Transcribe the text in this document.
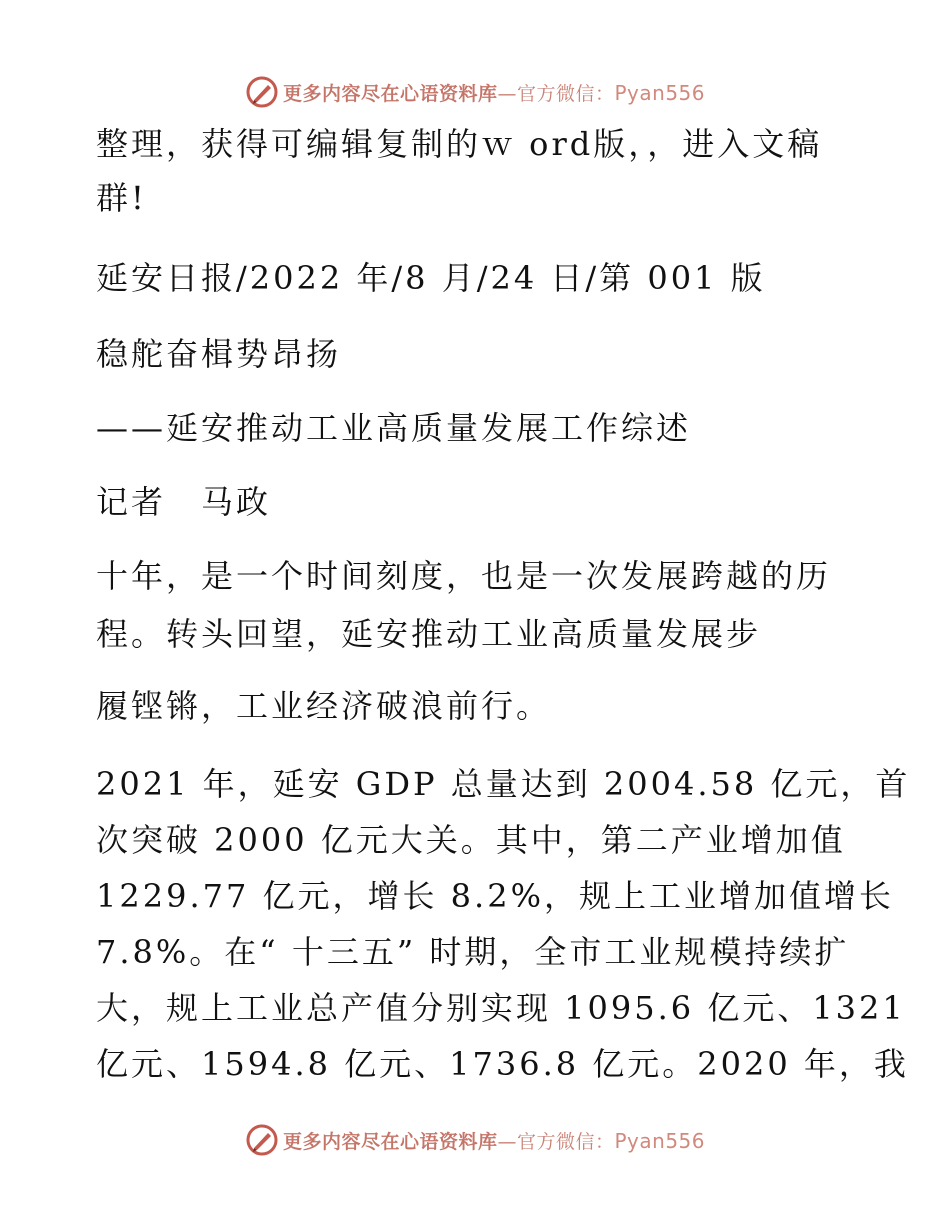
更多内容尽在心语资料库—官方微信：Pyan556
整理，获得可编辑复制的ｗ ord版，，进入文稿
群!
延安日报/2022 年/8 月/24 日/第 001 版
稳舵奋楫势昂扬
——延安推动工业高质量发展工作综述
记者　马政
十年，是一个时间刻度，也是一次发展跨越的历
程。转头回望，延安推动工业高质量发展步
履铿锵，工业经济破浪前行。
2021 年，延安 GDP 总量达到 2004.58 亿元，首
次突破 2000 亿元大关。其中，第二产业增加值
1229.77 亿元，增长 8.2%，规上工业增加值增长
7.8%。在“ 十三五” 时期，全市工业规模持续扩
大，规上工业总产值分别实现 1095.6 亿元、1321
亿元、1594.8 亿元、1736.8 亿元。2020 年，我
更多内容尽在心语资料库—官方微信：Pyan556
